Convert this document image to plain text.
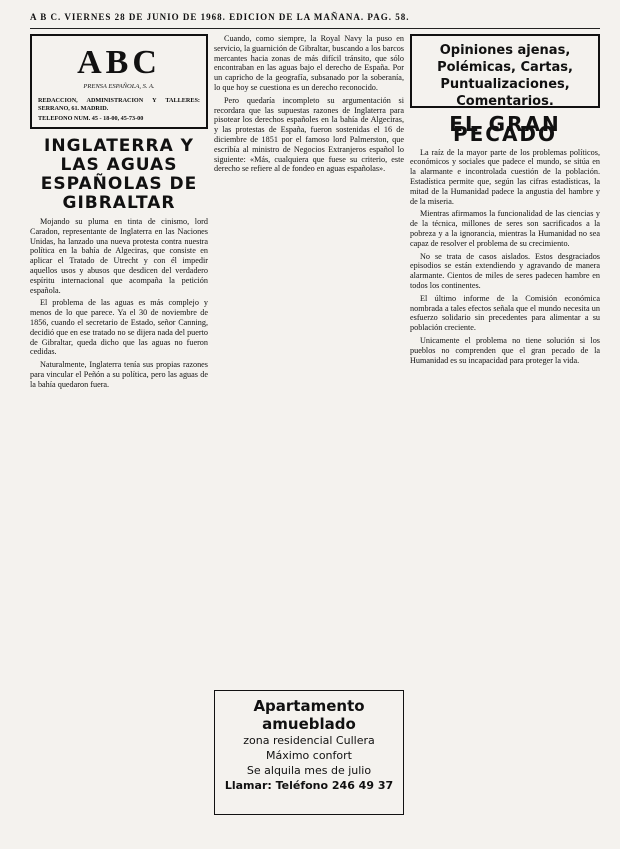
A B C. VIERNES 28 DE JUNIO DE 1968. EDICION DE LA MAÑANA. PAG. 58.
ABC
PRENSA ESPAÑOLA, S. A.
REDACCION, ADMINISTRACION Y TALLERES: SERRANO, 61. MADRID.
TELEFONO NUM. 45 - 18-00, 45-73-00
INGLATERRA Y LAS AGUAS ESPAÑOLAS DE GIBRALTAR

Mojando su pluma en tinta de cinismo, lord Caradon, representante de Inglaterra en las Naciones Unidas, ha lanzado una nueva protesta contra nuestra política en la bahía de Algeciras, que consiste en aplicar el Tratado de Utrecht y con él impedir aquellos usos y abusos que desdicen del verdadero espíritu internacional que acompaña la petición española.

El problema de las aguas es más complejo y menos de lo que parece. Ya el 30 de noviembre de 1856, cuando el secretario de Estado, señor Canning, decidió que en ese tratado no se dijera nada del puerto de Gibraltar, queda dicho que las aguas no fueron cedidas.

Naturalmente, Inglaterra tenía sus propias razones para vincular el Peñón a su política, pero las aguas de la bahía quedaron fuera.

Cuando, como siempre, la Royal Navy la puso en servicio, la guarnición de Gibraltar, buscando a los barcos mercantes hacia zonas de más difícil tránsito, que sólo encontraban en las aguas bajo el derecho de España. Por un capricho de la geografía, subsanado por la soberanía, lo que hoy se cuestiona es un derecho reconocido.

Pero quedaría incompleto su argumentación si recordara que las supuestas razones de Inglaterra para pisotear los derechos españoles en la bahía de Algeciras, y las protestas de España, fueron sostenidas el 16 de diciembre de 1851 por el famoso lord Palmerston, que escribía al ministro de Negocios Extranjeros español lo siguiente: «Más, cualquiera que fuese su criterio, este derecho se refiere al de fondeo en aguas españolas».

Apartamento amueblado
zona residencial Cullera
Máximo confort
Se alquila mes de julio
Llamar: Teléfono 246 49 37
Opiniones ajenas,
Polémicas, Cartas,
Puntualizaciones,
Comentarios.
EL GRAN PECADO

La raíz de la mayor parte de los problemas políticos, económicos y sociales que padece el mundo, se sitúa en la alarmante e incontrolada cuestión de la población. Estadística permite que, según las cifras estadísticas, la mitad de la Humanidad padece la angustia del hambre y de la miseria.

Mientras afirmamos la funcionalidad de las ciencias y de la técnica, millones de seres son sacrificados a la pobreza y a la ignorancia, mientras la Humanidad no sea capaz de resolver el problema de su crecimiento.

No se trata de casos aislados. Estos desgraciados episodios se están extendiendo y agravando de manera alarmante. Cientos de miles de seres padecen hambre en todos los continentes.

El último informe de la Comisión económica nombrada a tales efectos señala que el mundo necesita un esfuerzo solidario sin precedentes para alimentar a su población creciente.

Unicamente el problema no tiene solución si los pueblos no comprenden que el gran pecado de la Humanidad es su incapacidad para proteger la vida.
